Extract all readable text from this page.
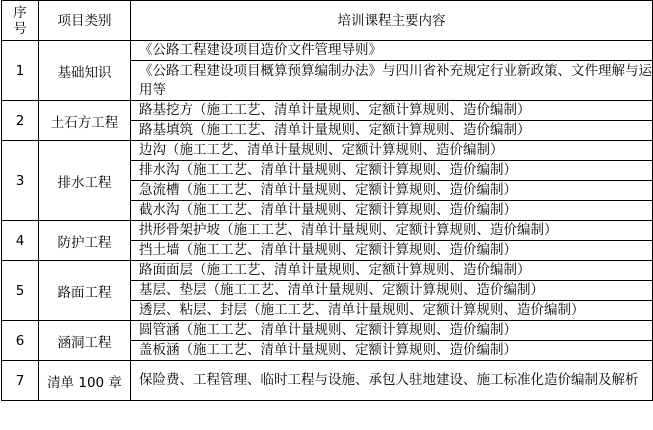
序号	项目类别	培训课程主要内容
1	基础知识	《公路工程建设项目造价文件管理导则》
		《公路工程建设项目概算预算编制办法》与四川省补充规定行业新政策、文件理解与运用等
2	土石方工程	路基挖方（施工工艺、清单计量规则、定额计算规则、造价编制）
		路基填筑（施工工艺、清单计量规则、定额计算规则、造价编制）
3	排水工程	边沟（施工工艺、清单计量规则、定额计算规则、造价编制）
		排水沟（施工工艺、清单计量规则、定额计算规则、造价编制）
		急流槽（施工工艺、清单计量规则、定额计算规则、造价编制）
		截水沟（施工工艺、清单计量规则、定额计算规则、造价编制）
4	防护工程	拱形骨架护坡（施工工艺、清单计量规则、定额计算规则、造价编制）
		挡土墙（施工工艺、清单计量规则、定额计算规则、造价编制）
5	路面工程	路面面层（施工工艺、清单计量规则、定额计算规则、造价编制）
		基层、垫层（施工工艺、清单计量规则、定额计算规则、造价编制）
		透层、粘层、封层（施工工艺、清单计量规则、定额计算规则、造价编制）
6	涵洞工程	圆管涵（施工工艺、清单计量规则、定额计算规则、造价编制）
		盖板涵（施工工艺、清单计量规则、定额计算规则、造价编制）
7	清单 100 章	保险费、工程管理、临时工程与设施、承包人驻地建设、施工标准化造价编制及解析
